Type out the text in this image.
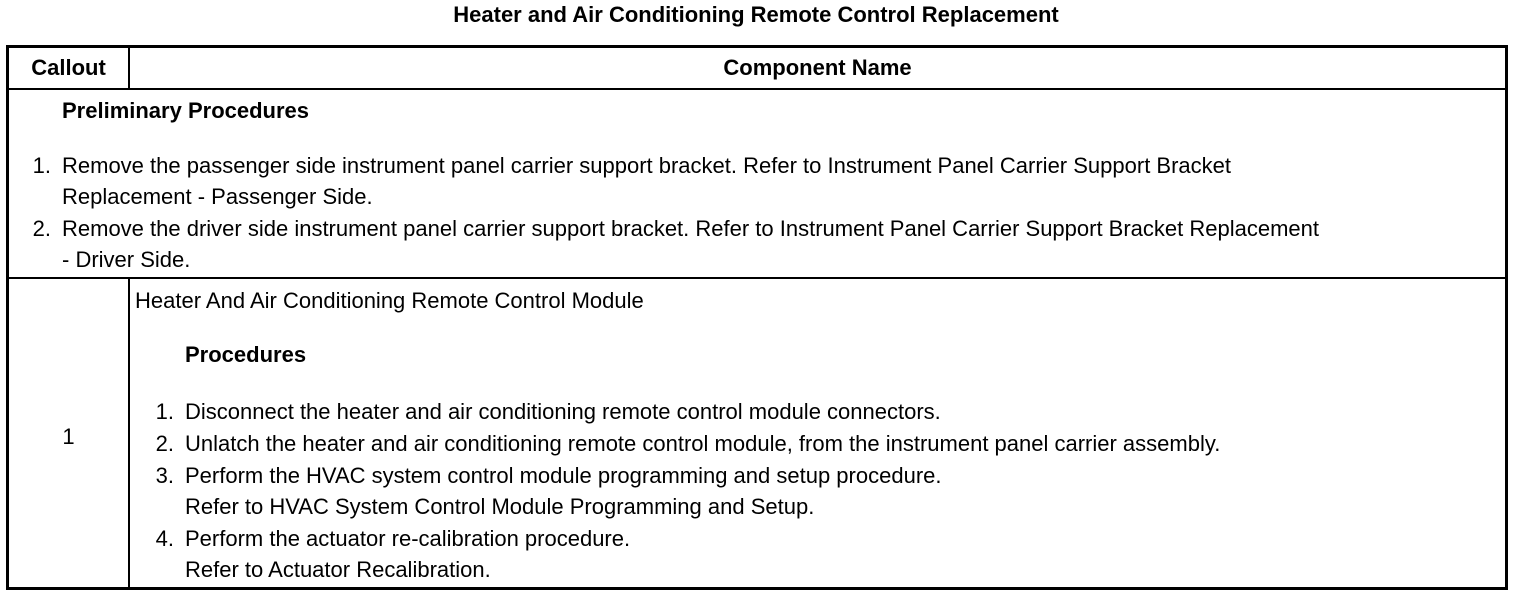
Heater and Air Conditioning Remote Control Replacement
Callout	Component Name
Preliminary Procedures
1. Remove the passenger side instrument panel carrier support bracket. Refer to Instrument Panel Carrier Support Bracket
Replacement - Passenger Side.
2. Remove the driver side instrument panel carrier support bracket. Refer to Instrument Panel Carrier Support Bracket Replacement
- Driver Side.
1
Heater And Air Conditioning Remote Control Module
Procedures
1. Disconnect the heater and air conditioning remote control module connectors.
2. Unlatch the heater and air conditioning remote control module, from the instrument panel carrier assembly.
3. Perform the HVAC system control module programming and setup procedure.
Refer to HVAC System Control Module Programming and Setup.
4. Perform the actuator re-calibration procedure.
Refer to Actuator Recalibration.
